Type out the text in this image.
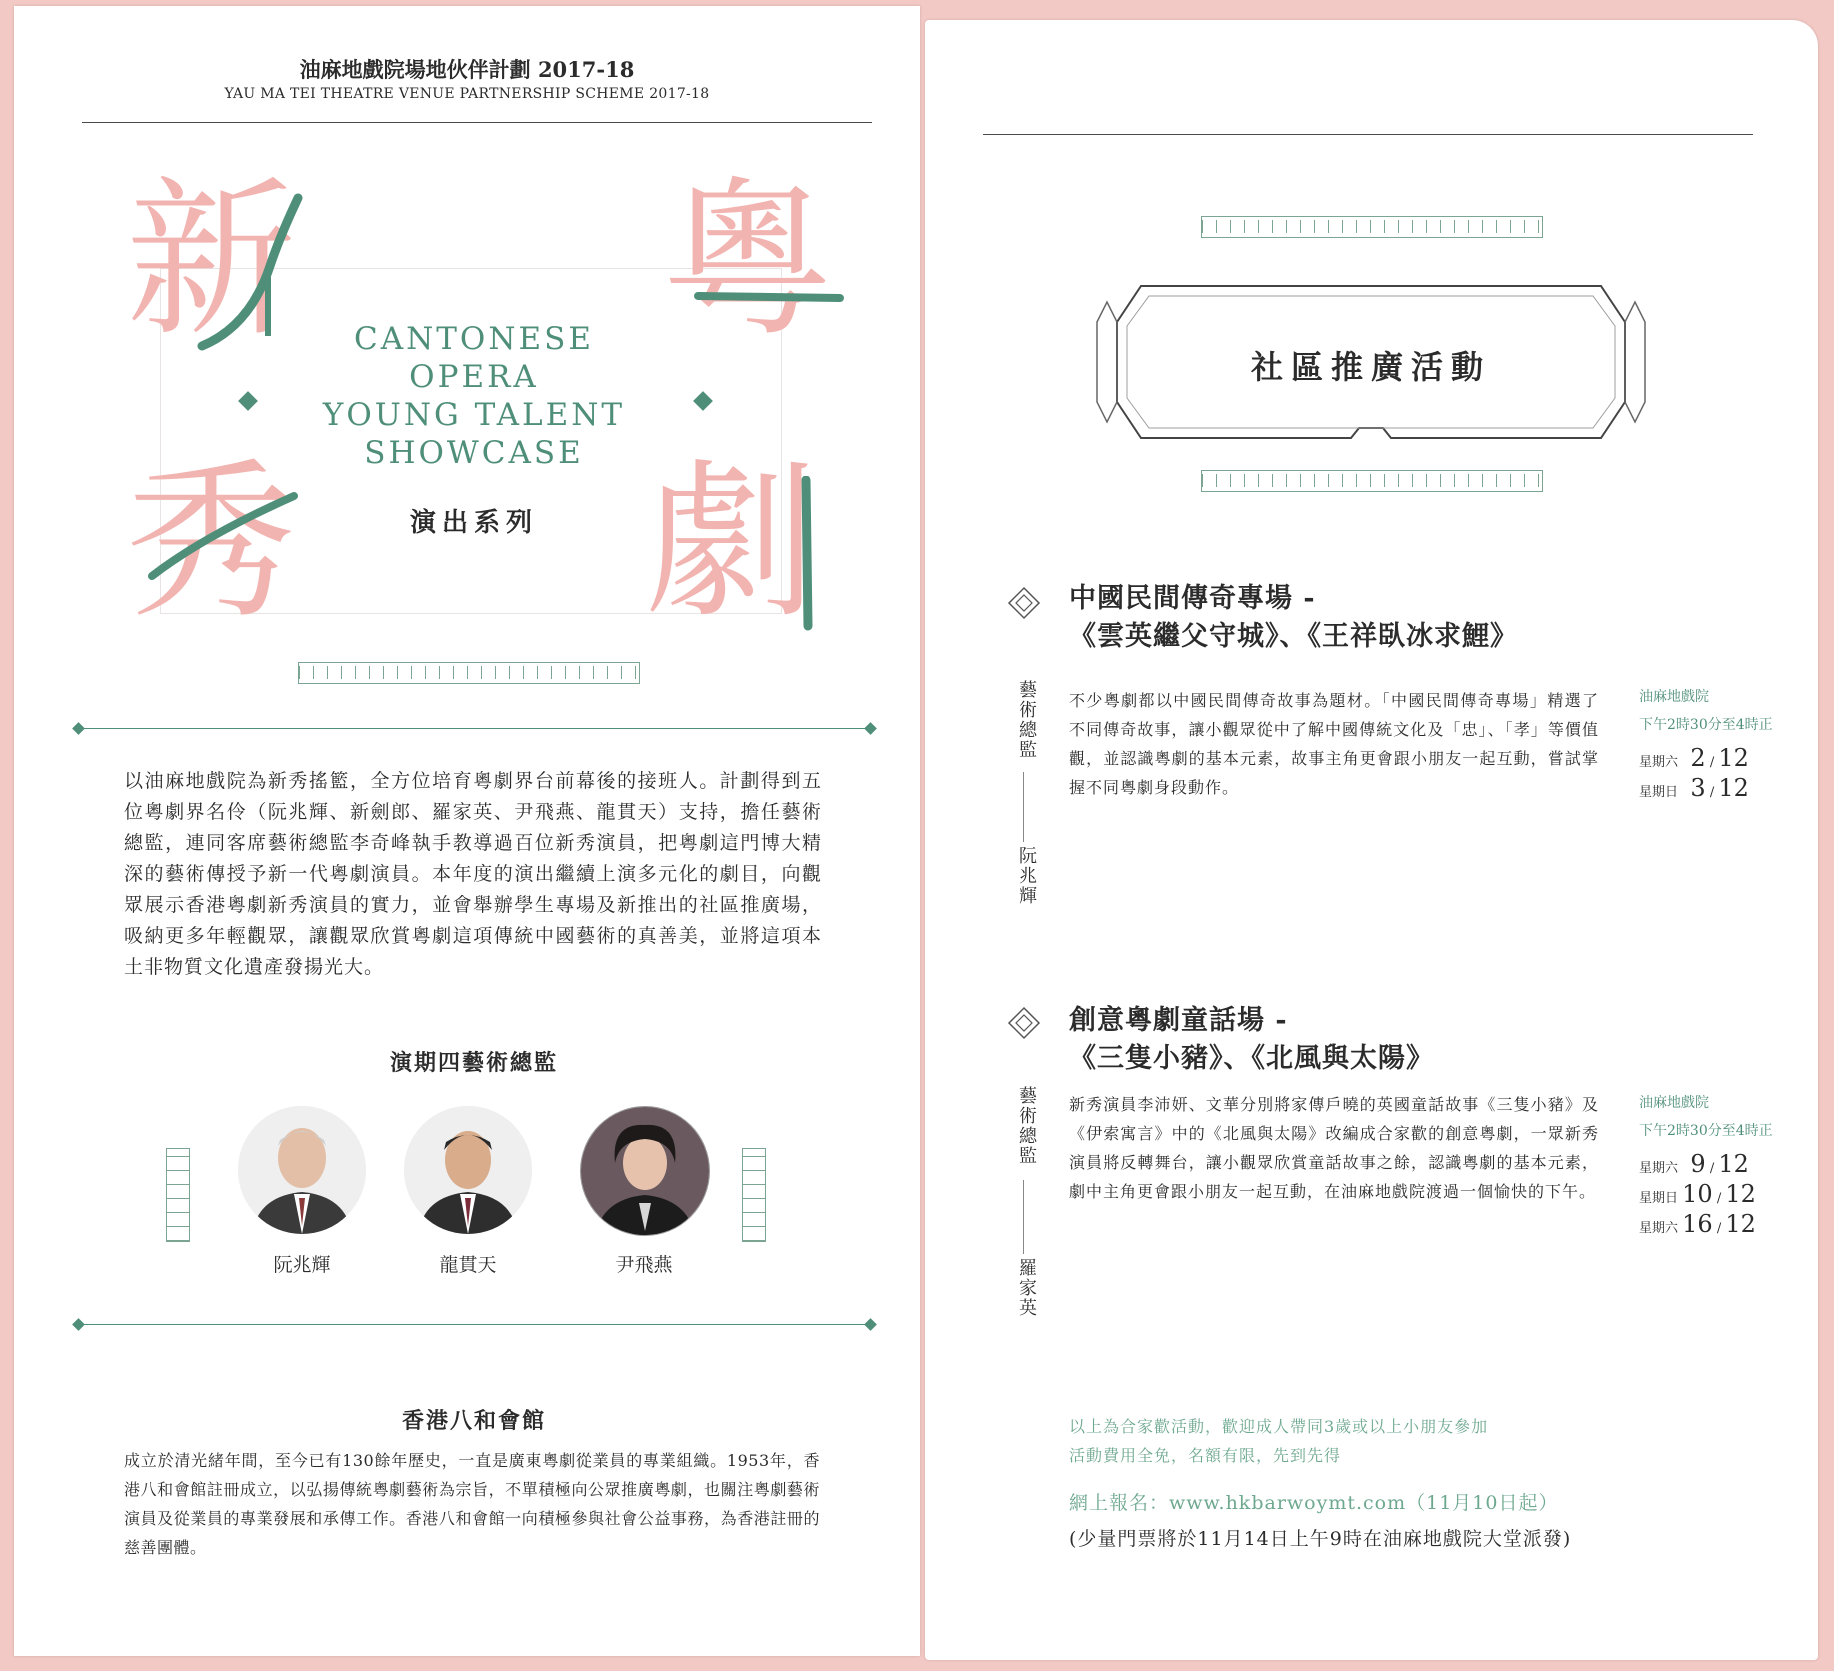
油麻地戲院場地伙伴計劃 2017-18
YAU MA TEI THEATRE VENUE PARTNERSHIP SCHEME 2017-18
新
秀
粵
劇
CANTONESE
OPERA
YOUNG TALENT
SHOWCASE
演出系列
以油麻地戲院為新秀搖籃，全方位培育粵劇界台前幕後的接班人。計劃得到五位粵劇界名伶（阮兆輝、新劍郎、羅家英、尹飛燕、龍貫天）支持，擔任藝術總監，連同客席藝術總監李奇峰執手教導過百位新秀演員，把粵劇這門博大精深的藝術傳授予新一代粵劇演員。本年度的演出繼續上演多元化的劇目，向觀眾展示香港粵劇新秀演員的實力，並會舉辦學生專場及新推出的社區推廣場，吸納更多年輕觀眾，讓觀眾欣賞粵劇這項傳統中國藝術的真善美，並將這項本土非物質文化遺產發揚光大。
演期四藝術總監
阮兆輝	龍貫天	尹飛燕
香港八和會館
成立於清光緒年間，至今已有130餘年歷史，一直是廣東粵劇從業員的專業組織。1953年，香港八和會館註冊成立，以弘揚傳統粵劇藝術為宗旨，不單積極向公眾推廣粵劇，也關注粵劇藝術演員及從業員的專業發展和承傳工作。香港八和會館一向積極參與社會公益事務，為香港註冊的慈善團體。
社區推廣活動
中國民間傳奇專場 -
《雲英繼父守城》、《王祥臥冰求鯉》
藝術總監
阮兆輝
不少粵劇都以中國民間傳奇故事為題材。「中國民間傳奇專場」精選了不同傳奇故事，讓小觀眾從中了解中國傳統文化及「忠」、「孝」等價值觀，並認識粵劇的基本元素，故事主角更會跟小朋友一起互動，嘗試掌握不同粵劇身段動作。
油麻地戲院
下午2時30分至4時正
星期六 2 / 12
星期日 3 / 12
創意粵劇童話場 -
《三隻小豬》、《北風與太陽》
藝術總監
羅家英
新秀演員李沛妍、文華分別將家傳戶曉的英國童話故事《三隻小豬》及《伊索寓言》中的《北風與太陽》改編成合家歡的創意粵劇，一眾新秀演員將反轉舞台，讓小觀眾欣賞童話故事之餘，認識粵劇的基本元素，劇中主角更會跟小朋友一起互動，在油麻地戲院渡過一個愉快的下午。
油麻地戲院
下午2時30分至4時正
星期六 9 / 12
星期日 10 / 12
星期六 16 / 12
以上為合家歡活動，歡迎成人帶同3歲或以上小朋友參加
活動費用全免，名額有限，先到先得
網上報名：www.hkbarwoymt.com（11月10日起）
(少量門票將於11月14日上午9時在油麻地戲院大堂派發)
